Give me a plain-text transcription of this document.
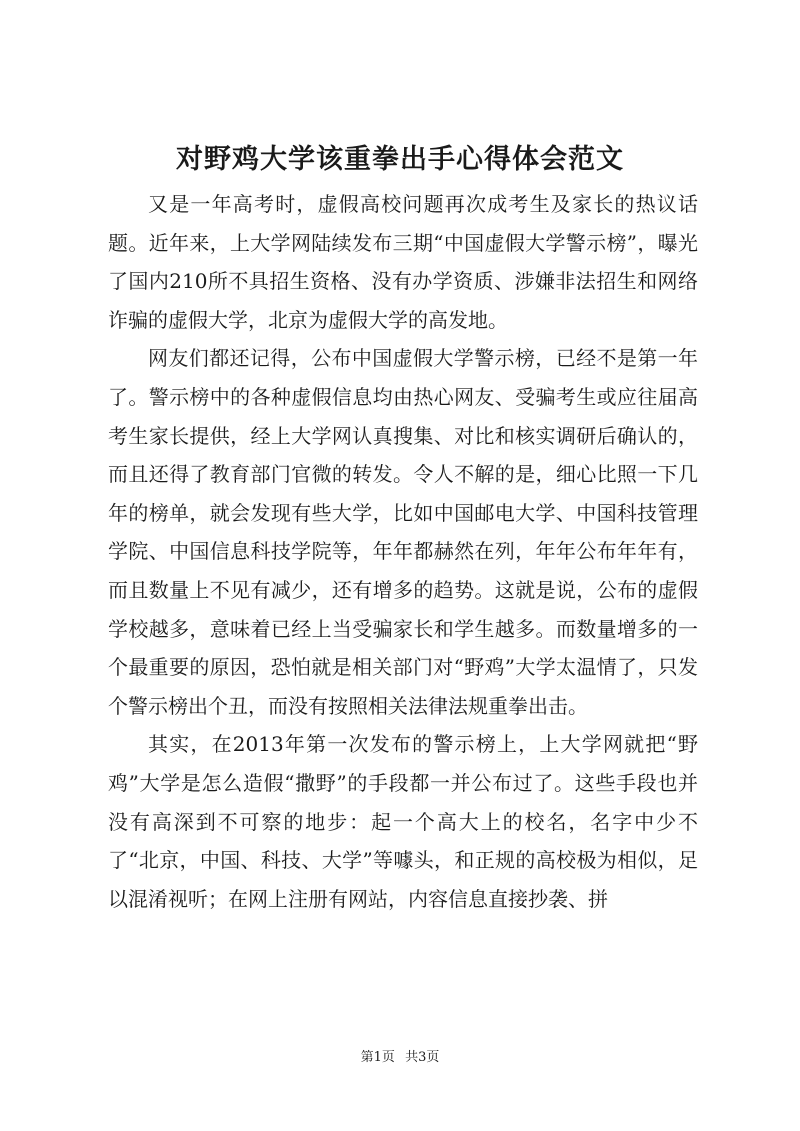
对野鸡大学该重拳出手心得体会范文

又是一年高考时，虚假高校问题再次成考生及家长的热议话题。近年来，上大学网陆续发布三期“中国虚假大学警示榜”，曝光了国内210所不具招生资格、没有办学资质、涉嫌非法招生和网络诈骗的虚假大学，北京为虚假大学的高发地。

网友们都还记得，公布中国虚假大学警示榜，已经不是第一年了。警示榜中的各种虚假信息均由热心网友、受骗考生或应往届高考生家长提供，经上大学网认真搜集、对比和核实调研后确认的，而且还得了教育部门官微的转发。令人不解的是，细心比照一下几年的榜单，就会发现有些大学，比如中国邮电大学、中国科技管理学院、中国信息科技学院等，年年都赫然在列，年年公布年年有，而且数量上不见有减少，还有增多的趋势。这就是说，公布的虚假学校越多，意味着已经上当受骗家长和学生越多。而数量增多的一个最重要的原因，恐怕就是相关部门对“野鸡”大学太温情了，只发个警示榜出个丑，而没有按照相关法律法规重拳出击。

其实，在2013年第一次发布的警示榜上，上大学网就把“野鸡”大学是怎么造假“撒野”的手段都一并公布过了。这些手段也并没有高深到不可察的地步：起一个高大上的校名，名字中少不了“北京，中国、科技、大学”等噱头，和正规的高校极为相似，足以混淆视听；在网上注册有网站，内容信息直接抄袭、拼

第1页 共3页
